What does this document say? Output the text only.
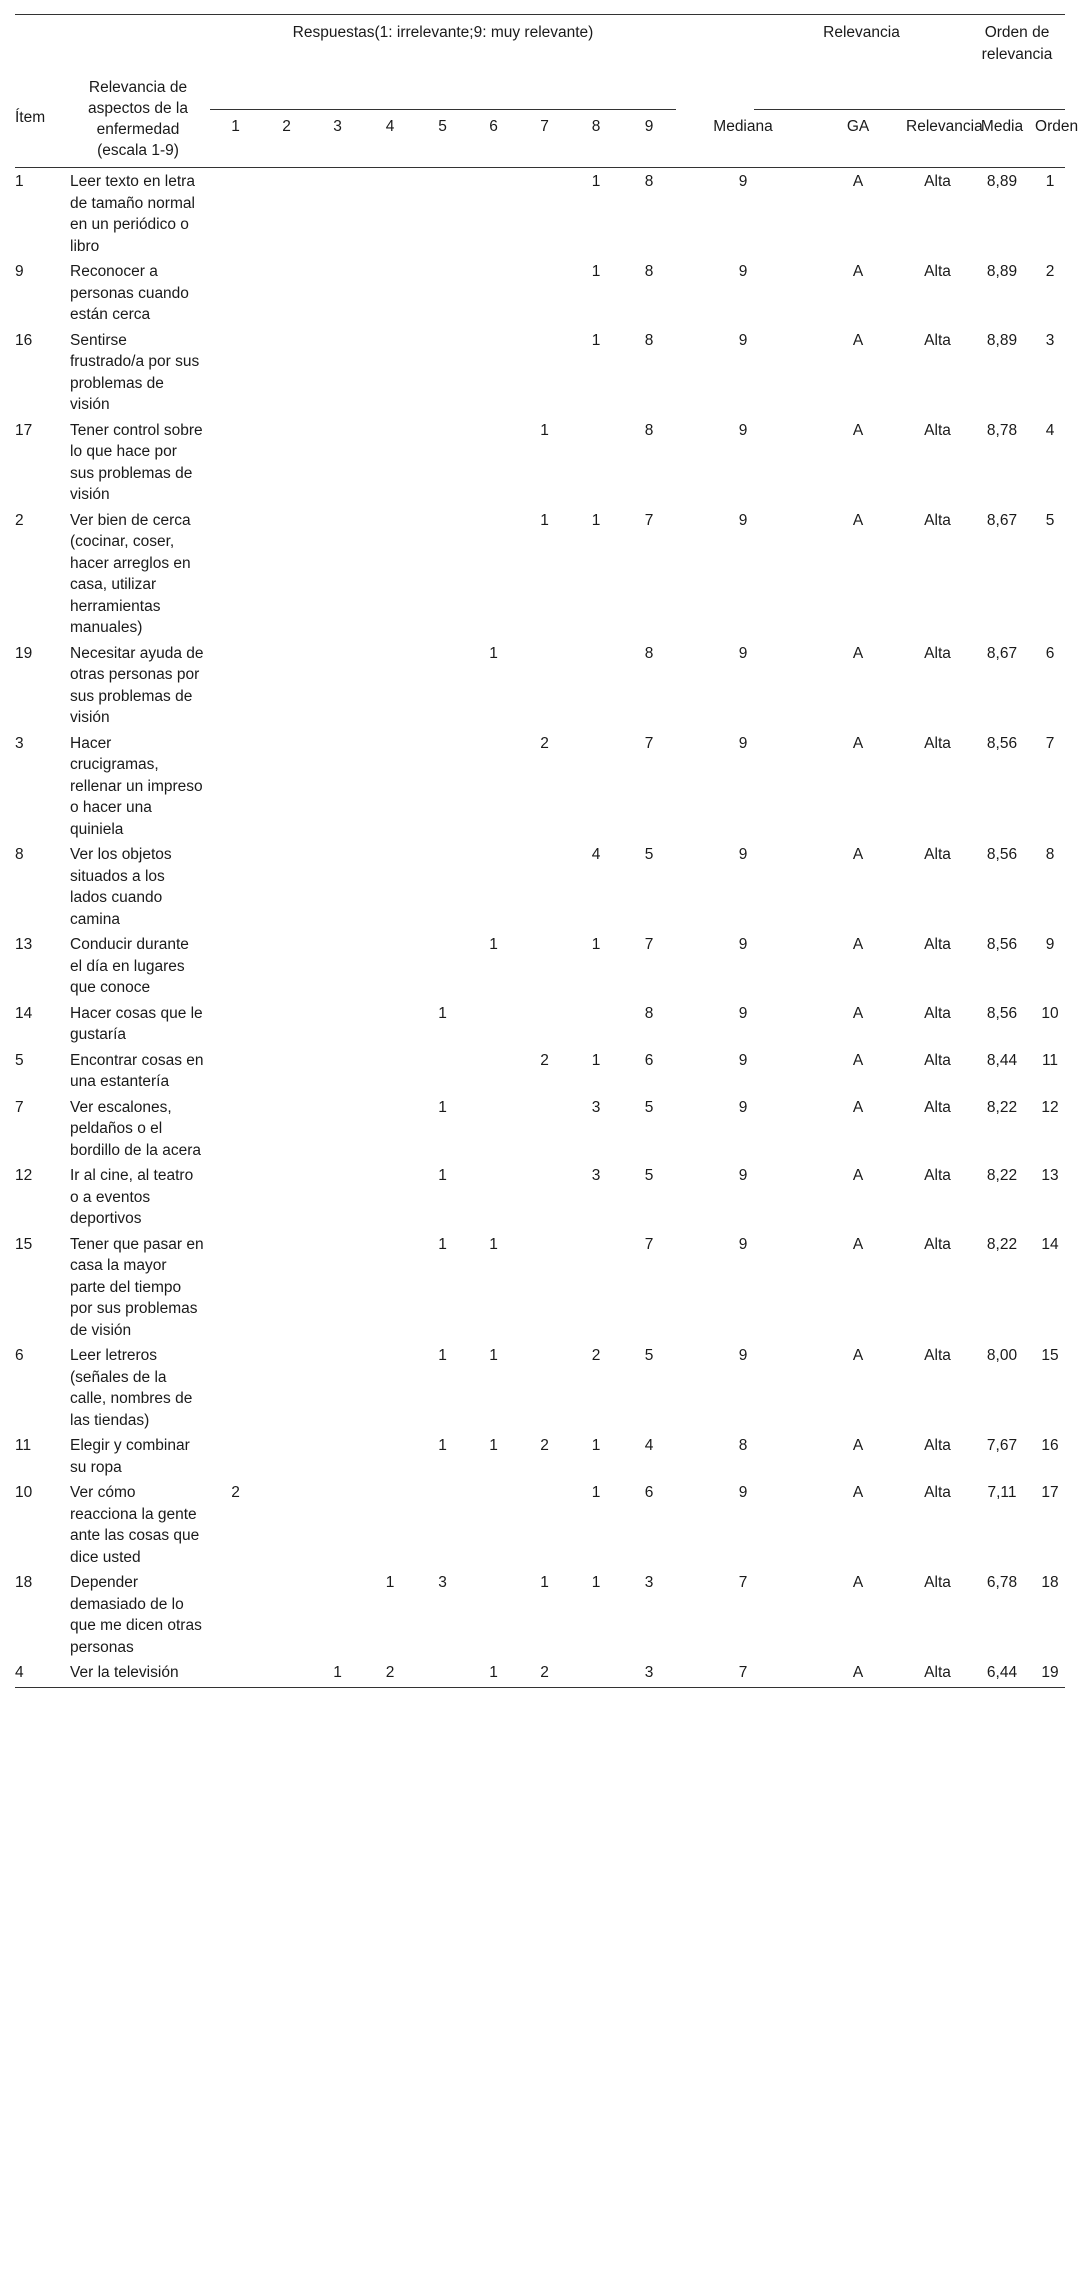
Ítem	Relevancia de aspectos de la enfermedad (escala 1-9)	Respuestas(1: irrelevante;9: muy relevante)										Relevancia			Orden de relevancia	
		1	2	3	4	5	6	7	8	9	Mediana		GA	Relevancia	Media	Orden
1	Leer texto en letra de tamaño normal en un periódico o libro								1	8	9		A	Alta	8,89	1
9	Reconocer a personas cuando están cerca								1	8	9		A	Alta	8,89	2
16	Sentirse frustrado/a por sus problemas de visión								1	8	9		A	Alta	8,89	3
17	Tener control sobre lo que hace por sus problemas de visión							1		8	9		A	Alta	8,78	4
2	Ver bien de cerca (cocinar, coser, hacer arreglos en casa, utilizar herramientas manuales)							1	1	7	9		A	Alta	8,67	5
19	Necesitar ayuda de otras personas por sus problemas de visión						1			8	9		A	Alta	8,67	6
3	Hacer crucigramas, rellenar un impreso o hacer una quiniela							2		7	9		A	Alta	8,56	7
8	Ver los objetos situados a los lados cuando camina								4	5	9		A	Alta	8,56	8
13	Conducir durante el día en lugares que conoce						1		1	7	9		A	Alta	8,56	9
14	Hacer cosas que le gustaría					1				8	9		A	Alta	8,56	10
5	Encontrar cosas en una estantería							2	1	6	9		A	Alta	8,44	11
7	Ver escalones, peldaños o el bordillo de la acera					1			3	5	9		A	Alta	8,22	12
12	Ir al cine, al teatro o a eventos deportivos					1			3	5	9		A	Alta	8,22	13
15	Tener que pasar en casa la mayor parte del tiempo por sus problemas de visión					1	1			7	9		A	Alta	8,22	14
6	Leer letreros (señales de la calle, nombres de las tiendas)					1	1		2	5	9		A	Alta	8,00	15
11	Elegir y combinar su ropa					1	1	2	1	4	8		A	Alta	7,67	16
10	Ver cómo reacciona la gente ante las cosas que dice usted	2							1	6	9		A	Alta	7,11	17
18	Depender demasiado de lo que me dicen otras personas				1	3		1	1	3	7		A	Alta	6,78	18
4	Ver la televisión			1	2		1	2		3	7		A	Alta	6,44	19
